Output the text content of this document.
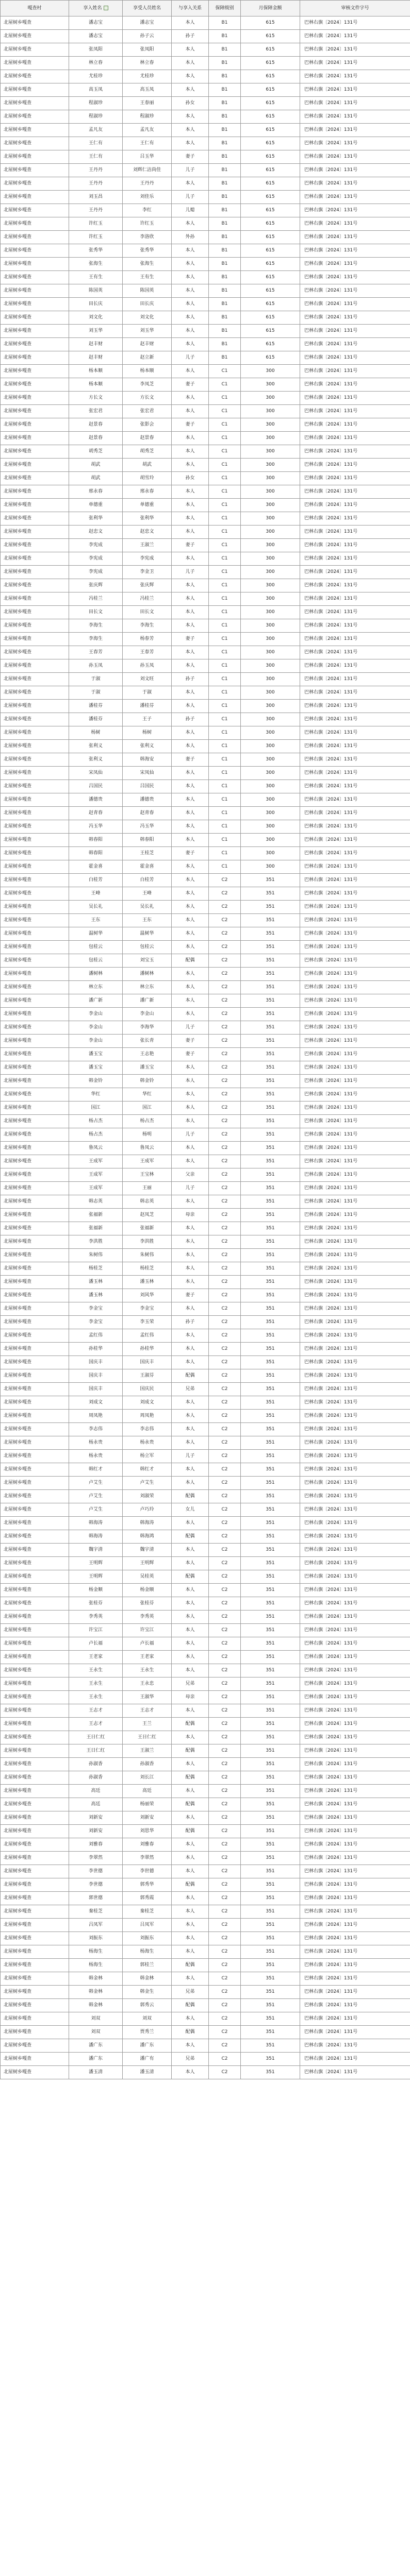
嘎查村	享入姓名	享受人员姓名	与享入关系	保障级别	月保障金额	审核文件字号
北屋树乡嘎查	潘志宝	潘志宝	本人	B1	615	巴林右旗〔2024〕131号
北屋树乡嘎查	潘志宝	孙子云	孙子	B1	615	巴林右旗〔2024〕131号
北屋树乡嘎查	张凤阳	张凤阳	本人	B1	615	巴林右旗〔2024〕131号
北屋树乡嘎查	林立春	林立春	本人	B1	615	巴林右旗〔2024〕131号
北屋树乡嘎查	尤桂珍	尤桂珍	本人	B1	615	巴林右旗〔2024〕131号
北屋树乡嘎查	高玉凤	高玉凤	本人	B1	615	巴林右旗〔2024〕131号
北屋树乡嘎查	程淑珍	王春丽	孙女	B1	615	巴林右旗〔2024〕131号
北屋树乡嘎查	程淑珍	程淑珍	本人	B1	615	巴林右旗〔2024〕131号
北屋树乡嘎查	孟凡友	孟凡友	本人	B1	615	巴林右旗〔2024〕131号
北屋树乡嘎查	王仁有	王仁有	本人	B1	615	巴林右旗〔2024〕131号
北屋树乡嘎查	王仁有	吕玉华	妻子	B1	615	巴林右旗〔2024〕131号
北屋树乡嘎查	王丹丹	刘辉仁洁尚佳	儿子	B1	615	巴林右旗〔2024〕131号
北屋树乡嘎查	王丹丹	王丹丹	本人	B1	615	巴林右旗〔2024〕131号
北屋树乡嘎查	刘玉昌	刘佳乐	儿子	B1	615	巴林右旗〔2024〕131号
北屋树乡嘎查	王丹丹	李红	儿媳	B1	615	巴林右旗〔2024〕131号
北屋树乡嘎查	许红玉	许红玉	本人	B1	615	巴林右旗〔2024〕131号
北屋树乡嘎查	许红玉	李洛欣	外孙	B1	615	巴林右旗〔2024〕131号
北屋树乡嘎查	张秀华	张秀华	本人	B1	615	巴林右旗〔2024〕131号
北屋树乡嘎查	张海生	张海生	本人	B1	615	巴林右旗〔2024〕131号
北屋树乡嘎查	王有生	王有生	本人	B1	615	巴林右旗〔2024〕131号
北屋树乡嘎查	陈国英	陈国英	本人	B1	615	巴林右旗〔2024〕131号
北屋树乡嘎查	田长庆	田长庆	本人	B1	615	巴林右旗〔2024〕131号
北屋树乡嘎查	刘文化	刘文化	本人	B1	615	巴林右旗〔2024〕131号
北屋树乡嘎查	刘玉华	刘玉华	本人	B1	615	巴林右旗〔2024〕131号
北屋树乡嘎查	赵丰财	赵丰财	本人	B1	615	巴林右旗〔2024〕131号
北屋树乡嘎查	赵丰财	赵立新	儿子	B1	615	巴林右旗〔2024〕131号
北屋树乡嘎查	杨本顺	杨本顺	本人	C1	300	巴林右旗〔2024〕131号
北屋树乡嘎查	杨本顺	李凤芝	妻子	C1	300	巴林右旗〔2024〕131号
北屋树乡嘎查	方长文	方长文	本人	C1	300	巴林右旗〔2024〕131号
北屋树乡嘎查	张宏君	张宏君	本人	C1	300	巴林右旗〔2024〕131号
北屋树乡嘎查	赵景春	张影会	妻子	C1	300	巴林右旗〔2024〕131号
北屋树乡嘎查	赵景春	赵景春	本人	C1	300	巴林右旗〔2024〕131号
北屋树乡嘎查	胡秀芝	胡秀芝	本人	C1	300	巴林右旗〔2024〕131号
北屋树乡嘎查	胡武	胡武	本人	C1	300	巴林右旗〔2024〕131号
北屋树乡嘎查	胡武	胡雪玲	孙女	C1	300	巴林右旗〔2024〕131号
北屋树乡嘎查	邢永春	邢永春	本人	C1	300	巴林右旗〔2024〕131号
北屋树乡嘎查	单德重	单德重	本人	C1	300	巴林右旗〔2024〕131号
北屋树乡嘎查	张利华	张利华	本人	C1	300	巴林右旗〔2024〕131号
北屋树乡嘎查	赵忠文	赵忠文	本人	C1	300	巴林右旗〔2024〕131号
北屋树乡嘎查	李宪成	王淑兰	妻子	C1	300	巴林右旗〔2024〕131号
北屋树乡嘎查	李宪成	李宪成	本人	C1	300	巴林右旗〔2024〕131号
北屋树乡嘎查	李宪成	李金卫	儿子	C1	300	巴林右旗〔2024〕131号
北屋树乡嘎查	张庆辉	张庆辉	本人	C1	300	巴林右旗〔2024〕131号
北屋树乡嘎查	冯桂兰	冯桂兰	本人	C1	300	巴林右旗〔2024〕131号
北屋树乡嘎查	田长文	田长文	本人	C1	300	巴林右旗〔2024〕131号
北屋树乡嘎查	李海生	李海生	本人	C1	300	巴林右旗〔2024〕131号
北屋树乡嘎查	李海生	杨春芳	妻子	C1	300	巴林右旗〔2024〕131号
北屋树乡嘎查	王春芳	王春芳	本人	C1	300	巴林右旗〔2024〕131号
北屋树乡嘎查	孙玉凤	孙玉凤	本人	C1	300	巴林右旗〔2024〕131号
北屋树乡嘎查	于淑	刘文旺	孙子	C1	300	巴林右旗〔2024〕131号
北屋树乡嘎查	于淑	于淑	本人	C1	300	巴林右旗〔2024〕131号
北屋树乡嘎查	潘桂芬	潘桂芬	本人	C1	300	巴林右旗〔2024〕131号
北屋树乡嘎查	潘桂芬	王子	孙子	C1	300	巴林右旗〔2024〕131号
北屋树乡嘎查	杨树	杨树	本人	C1	300	巴林右旗〔2024〕131号
北屋树乡嘎查	张利义	张利义	本人	C1	300	巴林右旗〔2024〕131号
北屋树乡嘎查	张利义	韩海安	妻子	C1	300	巴林右旗〔2024〕131号
北屋树乡嘎查	宋凤仙	宋凤仙	本人	C1	300	巴林右旗〔2024〕131号
北屋树乡嘎查	吕国民	吕国民	本人	C1	300	巴林右旗〔2024〕131号
北屋树乡嘎查	潘德贵	潘德贵	本人	C1	300	巴林右旗〔2024〕131号
北屋树乡嘎查	赵青春	赵青春	本人	C1	300	巴林右旗〔2024〕131号
北屋树乡嘎查	冯玉华	冯玉华	本人	C1	300	巴林右旗〔2024〕131号
北屋树乡嘎查	韩春阳	韩春阳	本人	C1	300	巴林右旗〔2024〕131号
北屋树乡嘎查	韩春阳	王桂芝	妻子	C1	300	巴林右旗〔2024〕131号
北屋树乡嘎查	霍金喜	霍金喜	本人	C1	300	巴林右旗〔2024〕131号
北屋树乡嘎查	白桂芳	白桂芳	本人	C2	351	巴林右旗〔2024〕131号
北屋树乡嘎查	王峰	王峰	本人	C2	351	巴林右旗〔2024〕131号
北屋树乡嘎查	吴长礼	吴长礼	本人	C2	351	巴林右旗〔2024〕131号
北屋树乡嘎查	王东	王东	本人	C2	351	巴林右旗〔2024〕131号
北屋树乡嘎查	温树华	温树华	本人	C2	351	巴林右旗〔2024〕131号
北屋树乡嘎查	包桂云	包桂云	本人	C2	351	巴林右旗〔2024〕131号
北屋树乡嘎查	包桂云	刘宝玉	配偶	C2	351	巴林右旗〔2024〕131号
北屋树乡嘎查	潘树林	潘树林	本人	C2	351	巴林右旗〔2024〕131号
北屋树乡嘎查	林立东	林立东	本人	C2	351	巴林右旗〔2024〕131号
北屋树乡嘎查	潘广新	潘广新	本人	C2	351	巴林右旗〔2024〕131号
北屋树乡嘎查	李金山	李金山	本人	C2	351	巴林右旗〔2024〕131号
北屋树乡嘎查	李金山	李海华	儿子	C2	351	巴林右旗〔2024〕131号
北屋树乡嘎查	李金山	张长青	妻子	C2	351	巴林右旗〔2024〕131号
北屋树乡嘎查	潘玉宝	王志艳	妻子	C2	351	巴林右旗〔2024〕131号
北屋树乡嘎查	潘玉宝	潘玉宝	本人	C2	351	巴林右旗〔2024〕131号
北屋树乡嘎查	韩金铃	韩金铃	本人	C2	351	巴林右旗〔2024〕131号
北屋树乡嘎查	华红	华红	本人	C2	351	巴林右旗〔2024〕131号
北屋树乡嘎查	国江	国江	本人	C2	351	巴林右旗〔2024〕131号
北屋树乡嘎查	杨占杰	杨占杰	本人	C2	351	巴林右旗〔2024〕131号
北屋树乡嘎查	杨占杰	杨明	儿子	C2	351	巴林右旗〔2024〕131号
北屋树乡嘎查	鲁凤云	鲁凤云	本人	C2	351	巴林右旗〔2024〕131号
北屋树乡嘎查	王成军	王成军	本人	C2	351	巴林右旗〔2024〕131号
北屋树乡嘎查	王成军	王宝林	父亲	C2	351	巴林右旗〔2024〕131号
北屋树乡嘎查	王成军	王丽	儿子	C2	351	巴林右旗〔2024〕131号
北屋树乡嘎查	韩志英	韩志英	本人	C2	351	巴林右旗〔2024〕131号
北屋树乡嘎查	张福新	赵凤芝	母亲	C2	351	巴林右旗〔2024〕131号
北屋树乡嘎查	张福新	张福新	本人	C2	351	巴林右旗〔2024〕131号
北屋树乡嘎查	李洪胜	李洪胜	本人	C2	351	巴林右旗〔2024〕131号
北屋树乡嘎查	朱树伟	朱树伟	本人	C2	351	巴林右旗〔2024〕131号
北屋树乡嘎查	杨桂芝	杨桂芝	本人	C2	351	巴林右旗〔2024〕131号
北屋树乡嘎查	潘玉林	潘玉林	本人	C2	351	巴林右旗〔2024〕131号
北屋树乡嘎查	潘玉林	刘风华	妻子	C2	351	巴林右旗〔2024〕131号
北屋树乡嘎查	李金宝	李金宝	本人	C2	351	巴林右旗〔2024〕131号
北屋树乡嘎查	李金宝	李玉荣	孙子	C2	351	巴林右旗〔2024〕131号
北屋树乡嘎查	孟红伟	孟红伟	本人	C2	351	巴林右旗〔2024〕131号
北屋树乡嘎查	孙桂华	孙桂华	本人	C2	351	巴林右旗〔2024〕131号
北屋树乡嘎查	国庆丰	国庆丰	本人	C2	351	巴林右旗〔2024〕131号
北屋树乡嘎查	国庆丰	王淑芬	配偶	C2	351	巴林右旗〔2024〕131号
北屋树乡嘎查	国庆丰	国庆民	兄弟	C2	351	巴林右旗〔2024〕131号
北屋树乡嘎查	刘成文	刘成文	本人	C2	351	巴林右旗〔2024〕131号
北屋树乡嘎查	周凤艳	周凤艳	本人	C2	351	巴林右旗〔2024〕131号
北屋树乡嘎查	李志伟	李志伟	本人	C2	351	巴林右旗〔2024〕131号
北屋树乡嘎查	杨永贵	杨永贵	本人	C2	351	巴林右旗〔2024〕131号
北屋树乡嘎查	杨永贵	杨立军	儿子	C2	351	巴林右旗〔2024〕131号
北屋树乡嘎查	韩红才	韩红才	本人	C2	351	巴林右旗〔2024〕131号
北屋树乡嘎查	卢艾生	卢艾生	本人	C2	351	巴林右旗〔2024〕131号
北屋树乡嘎查	卢艾生	刘淑荣	配偶	C2	351	巴林右旗〔2024〕131号
北屋树乡嘎查	卢艾生	卢巧玲	女儿	C2	351	巴林右旗〔2024〕131号
北屋树乡嘎查	韩海涛	韩海涛	本人	C2	351	巴林右旗〔2024〕131号
北屋树乡嘎查	韩海涛	韩海鸿	配偶	C2	351	巴林右旗〔2024〕131号
北屋树乡嘎查	魏宇清	魏宇清	本人	C2	351	巴林右旗〔2024〕131号
北屋树乡嘎查	王明辉	王明辉	本人	C2	351	巴林右旗〔2024〕131号
北屋树乡嘎查	王明辉	吴桂英	配偶	C2	351	巴林右旗〔2024〕131号
北屋树乡嘎查	杨金顺	杨金顺	本人	C2	351	巴林右旗〔2024〕131号
北屋树乡嘎查	张桂芬	张桂芬	本人	C2	351	巴林右旗〔2024〕131号
北屋树乡嘎查	李秀英	李秀英	本人	C2	351	巴林右旗〔2024〕131号
北屋树乡嘎查	许宝江	许宝江	本人	C2	351	巴林右旗〔2024〕131号
北屋树乡嘎查	卢长福	卢长福	本人	C2	351	巴林右旗〔2024〕131号
北屋树乡嘎查	王老家	王老家	本人	C2	351	巴林右旗〔2024〕131号
北屋树乡嘎查	王永生	王永生	本人	C2	351	巴林右旗〔2024〕131号
北屋树乡嘎查	王永生	王永忠	兄弟	C2	351	巴林右旗〔2024〕131号
北屋树乡嘎查	王永生	王淑华	母亲	C2	351	巴林右旗〔2024〕131号
北屋树乡嘎查	王志才	王志才	本人	C2	351	巴林右旗〔2024〕131号
北屋树乡嘎查	王志才	王兰	配偶	C2	351	巴林右旗〔2024〕131号
北屋树乡嘎查	王日仁红	王日仁红	本人	C2	351	巴林右旗〔2024〕131号
北屋树乡嘎查	王日仁红	王淑兰	配偶	C2	351	巴林右旗〔2024〕131号
北屋树乡嘎查	孙淑香	孙淑香	本人	C2	351	巴林右旗〔2024〕131号
北屋树乡嘎查	孙淑香	刘长江	配偶	C2	351	巴林右旗〔2024〕131号
北屋树乡嘎查	高廷	高廷	本人	C2	351	巴林右旗〔2024〕131号
北屋树乡嘎查	高廷	杨丽荣	配偶	C2	351	巴林右旗〔2024〕131号
北屋树乡嘎查	刘新安	刘新安	本人	C2	351	巴林右旗〔2024〕131号
北屋树乡嘎查	刘新安	刘思华	配偶	C2	351	巴林右旗〔2024〕131号
北屋树乡嘎查	刘雅春	刘雅春	本人	C2	351	巴林右旗〔2024〕131号
北屋树乡嘎查	李翠然	李翠然	本人	C2	351	巴林右旗〔2024〕131号
北屋树乡嘎查	李世德	李世德	本人	C2	351	巴林右旗〔2024〕131号
北屋树乡嘎查	李世德	郭秀华	配偶	C2	351	巴林右旗〔2024〕131号
北屋树乡嘎查	郭世德	郭秀霞	本人	C2	351	巴林右旗〔2024〕131号
北屋树乡嘎查	秦桂芝	秦桂芝	本人	C2	351	巴林右旗〔2024〕131号
北屋树乡嘎查	吕凤军	吕凤军	本人	C2	351	巴林右旗〔2024〕131号
北屋树乡嘎查	刘振东	刘振东	本人	C2	351	巴林右旗〔2024〕131号
北屋树乡嘎查	杨海生	杨海生	本人	C2	351	巴林右旗〔2024〕131号
北屋树乡嘎查	杨海生	郭桂兰	配偶	C2	351	巴林右旗〔2024〕131号
北屋树乡嘎查	韩金林	韩金林	本人	C2	351	巴林右旗〔2024〕131号
北屋树乡嘎查	韩金林	韩金生	兄弟	C2	351	巴林右旗〔2024〕131号
北屋树乡嘎查	韩金林	郭秀云	配偶	C2	351	巴林右旗〔2024〕131号
北屋树乡嘎查	刘双	刘双	本人	C2	351	巴林右旗〔2024〕131号
北屋树乡嘎查	刘双	贾秀兰	配偶	C2	351	巴林右旗〔2024〕131号
北屋树乡嘎查	潘广东	潘广东	本人	C2	351	巴林右旗〔2024〕131号
北屋树乡嘎查	潘广东	潘广有	兄弟	C2	351	巴林右旗〔2024〕131号
北屋树乡嘎查	潘玉清	潘玉清	本人	C2	351	巴林右旗〔2024〕131号
